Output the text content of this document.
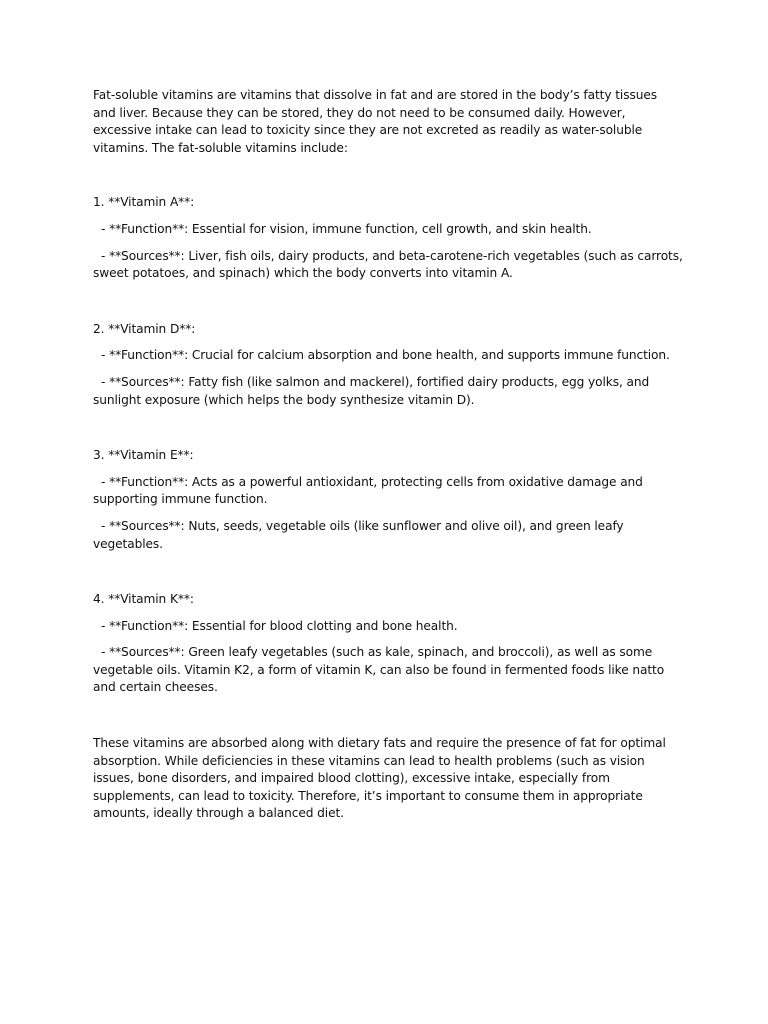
Fat-soluble vitamins are vitamins that dissolve in fat and are stored in the body’s fatty tissues and liver. Because they can be stored, they do not need to be consumed daily. However, excessive intake can lead to toxicity since they are not excreted as readily as water-soluble vitamins. The fat-soluble vitamins include:

1. **Vitamin A**:

- **Function**: Essential for vision, immune function, cell growth, and skin health.

- **Sources**: Liver, fish oils, dairy products, and beta-carotene-rich vegetables (such as carrots, sweet potatoes, and spinach) which the body converts into vitamin A.

2. **Vitamin D**:

- **Function**: Crucial for calcium absorption and bone health, and supports immune function.

- **Sources**: Fatty fish (like salmon and mackerel), fortified dairy products, egg yolks, and sunlight exposure (which helps the body synthesize vitamin D).

3. **Vitamin E**:

- **Function**: Acts as a powerful antioxidant, protecting cells from oxidative damage and supporting immune function.

- **Sources**: Nuts, seeds, vegetable oils (like sunflower and olive oil), and green leafy vegetables.

4. **Vitamin K**:

- **Function**: Essential for blood clotting and bone health.

- **Sources**: Green leafy vegetables (such as kale, spinach, and broccoli), as well as some vegetable oils. Vitamin K2, a form of vitamin K, can also be found in fermented foods like natto and certain cheeses.

These vitamins are absorbed along with dietary fats and require the presence of fat for optimal absorption. While deficiencies in these vitamins can lead to health problems (such as vision issues, bone disorders, and impaired blood clotting), excessive intake, especially from supplements, can lead to toxicity. Therefore, it’s important to consume them in appropriate amounts, ideally through a balanced diet.
